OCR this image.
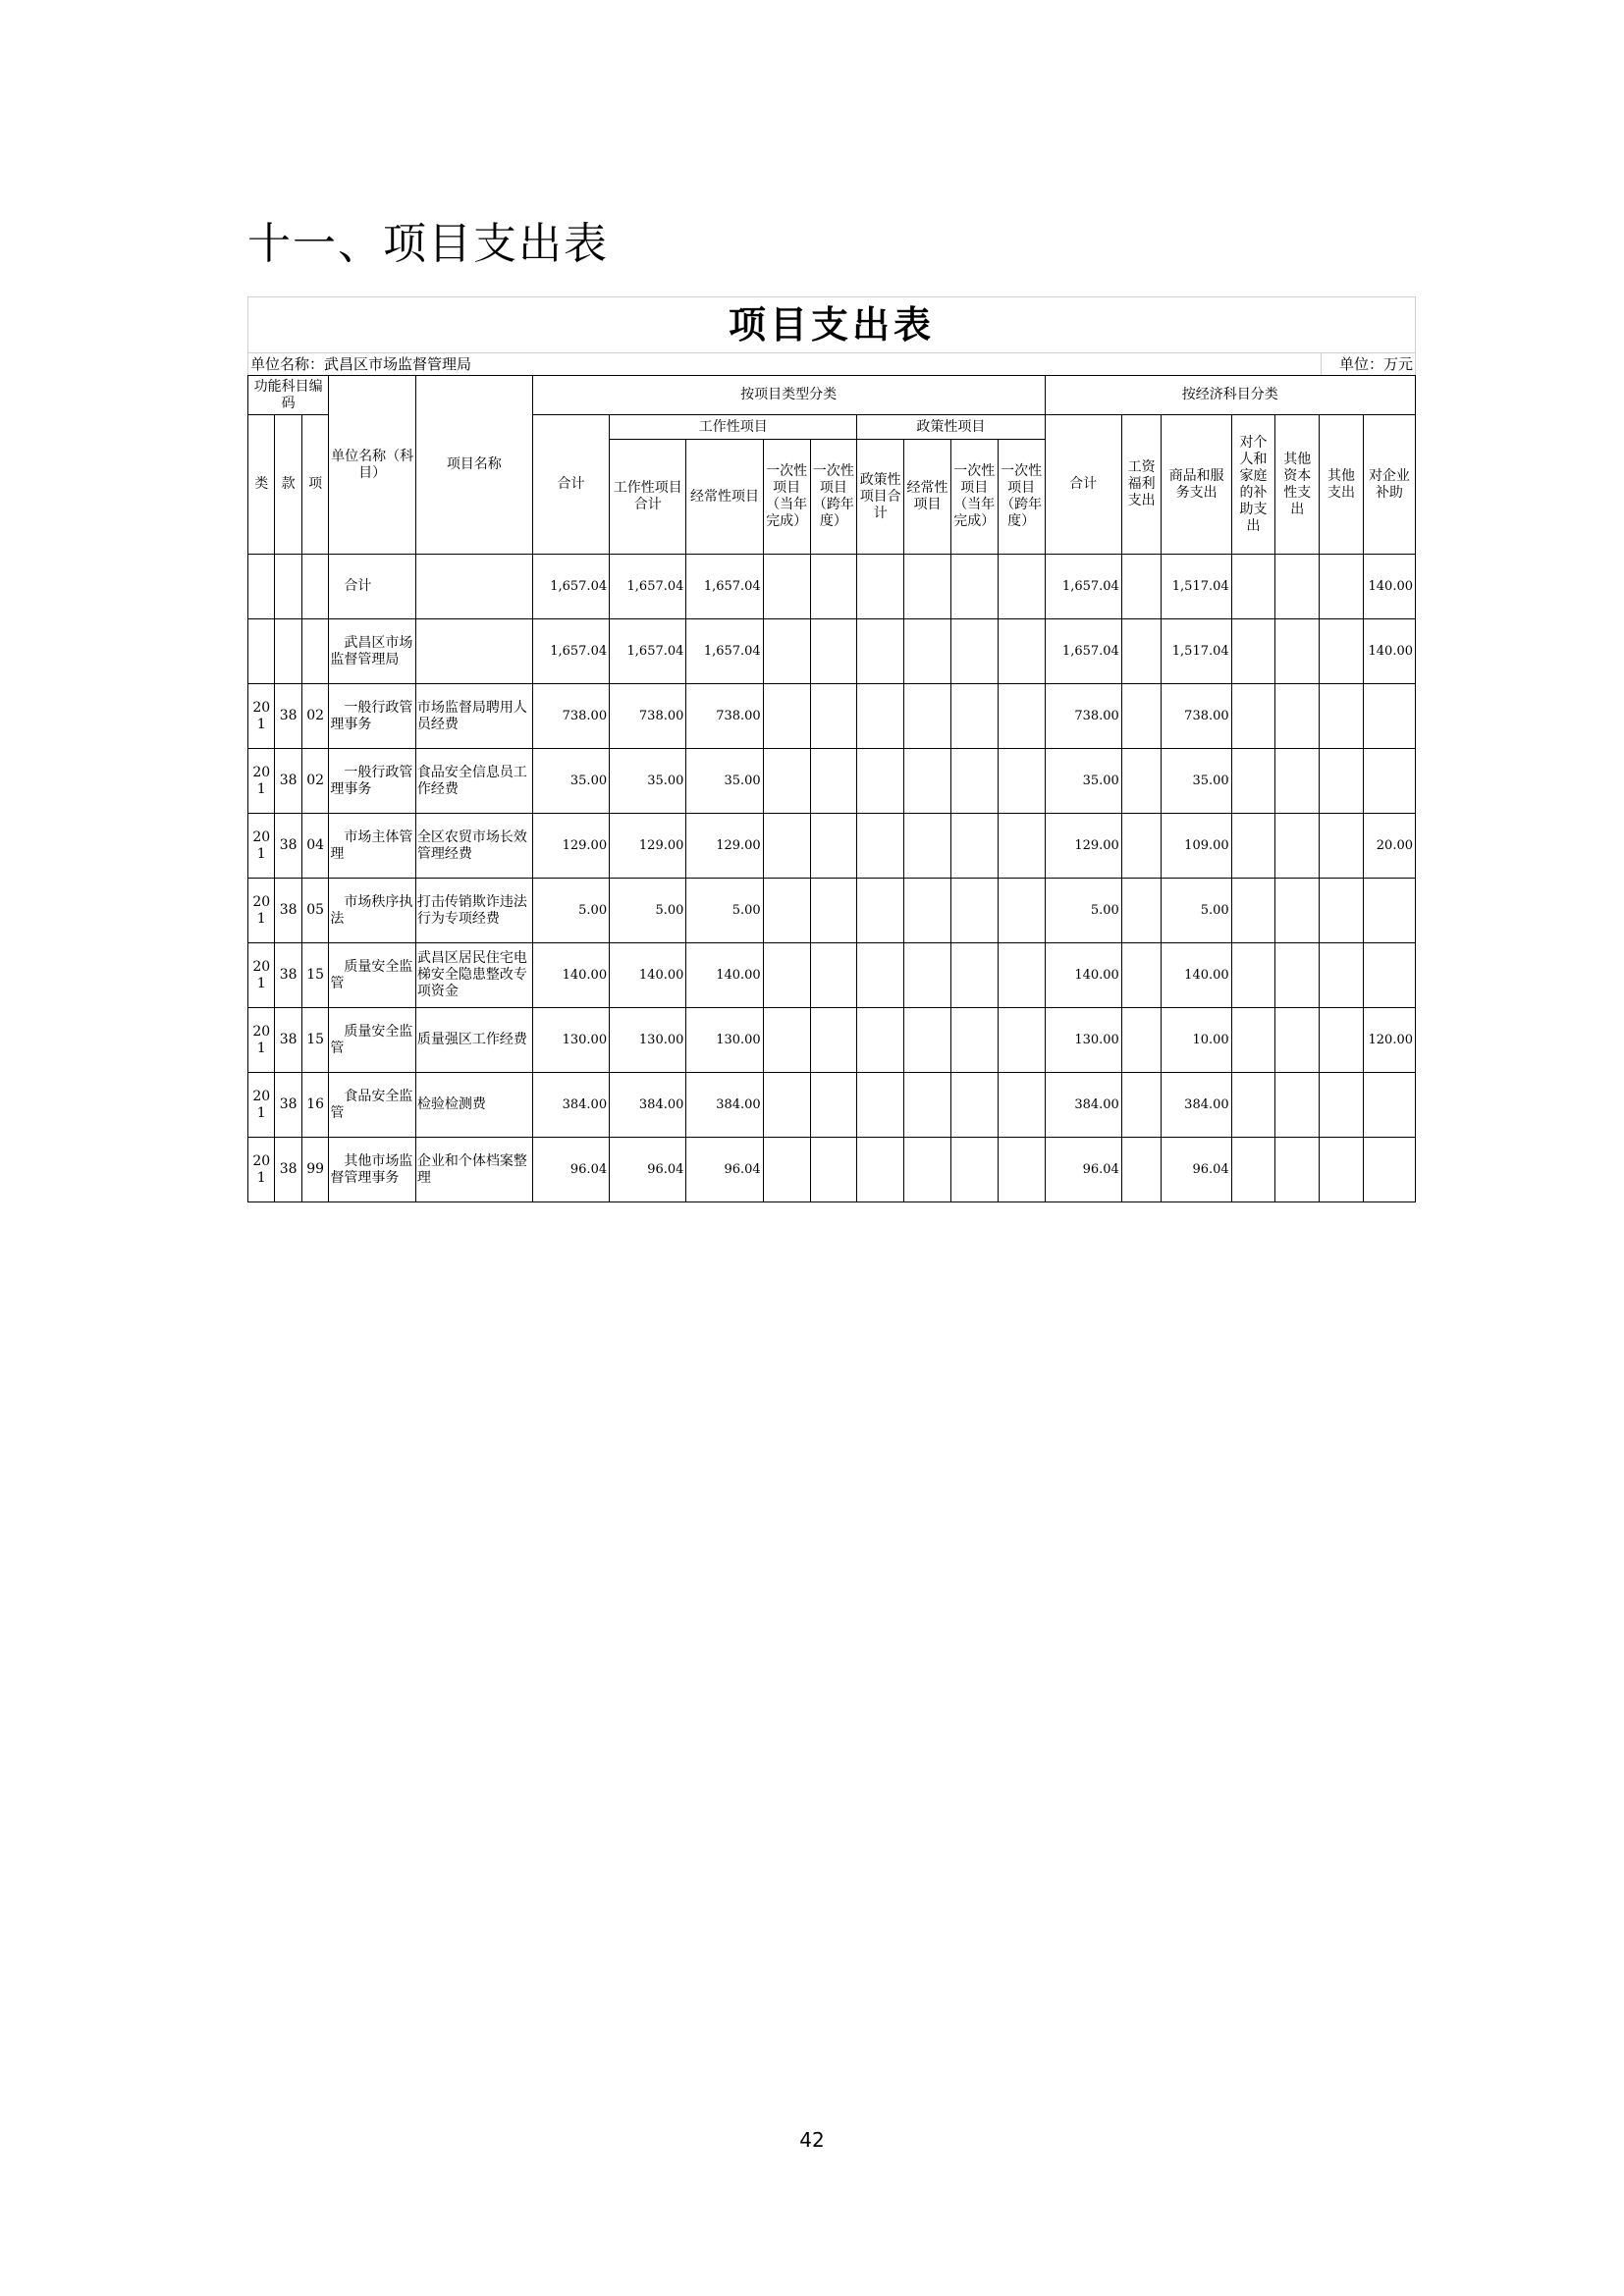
十一、项目支出表
项目支出表
单位名称：武昌区市场监督管理局	单位：万元
功能科目编码			单位名称（科目）	项目名称	按项目类型分类									按经济科目分类						
类	款	项			合计	工作性项目				政策性项目				合计	工资福利支出	商品和服务支出	对个人和家庭的补助支出	其他资本性支出	其他支出	对企业补助
						工作性项目合计	经常性项目	一次性项目（当年完成）	一次性项目（跨年度）	政策性项目合计	经常性项目	一次性项目（当年完成）	一次性项目（跨年度）							
			合计		1,657.04	1,657.04	1,657.04							1,657.04		1,517.04				140.00
			武昌区市场监督管理局		1,657.04	1,657.04	1,657.04							1,657.04		1,517.04				140.00
201	38	02	一般行政管理事务	市场监督局聘用人员经费	738.00	738.00	738.00							738.00		738.00				
201	38	02	一般行政管理事务	食品安全信息员工作经费	35.00	35.00	35.00							35.00		35.00				
201	38	04	市场主体管理	全区农贸市场长效管理经费	129.00	129.00	129.00							129.00		109.00				20.00
201	38	05	市场秩序执法	打击传销欺诈违法行为专项经费	5.00	5.00	5.00							5.00		5.00				
201	38	15	质量安全监管	武昌区居民住宅电梯安全隐患整改专项资金	140.00	140.00	140.00							140.00		140.00				
201	38	15	质量安全监管	质量强区工作经费	130.00	130.00	130.00							130.00		10.00				120.00
201	38	16	食品安全监管	检验检测费	384.00	384.00	384.00							384.00		384.00				
201	38	99	其他市场监督管理事务	企业和个体档案整理	96.04	96.04	96.04							96.04		96.04				
42
